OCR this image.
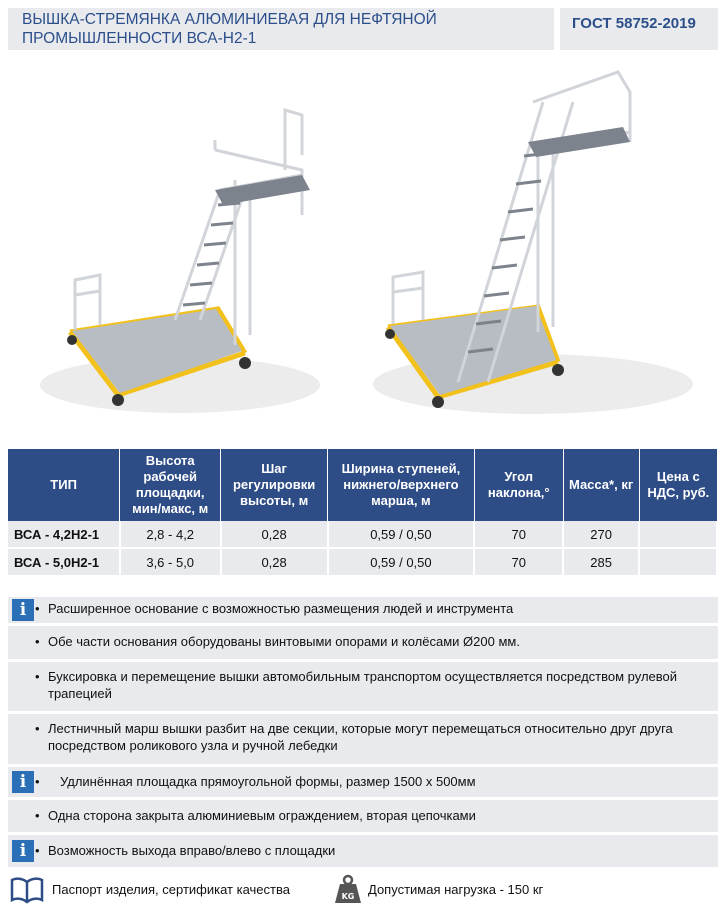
ВЫШКА-СТРЕМЯНКА АЛЮМИНИЕВАЯ ДЛЯ НЕФТЯНОЙ ПРОМЫШЛЕННОСТИ ВСА-Н2-1
ГОСТ 58752-2019
ТИП	Высота рабочей площадки, мин/макс, м	Шаг регулировки высоты, м	Ширина ступеней, нижнего/верхнего марша, м	Угол наклона,°	Масса*, кг	Цена с НДС, руб.
ВСА - 4,2Н2-1	2,8 - 4,2	0,28	0,59 / 0,50	70	270	
ВСА - 5,0Н2-1	3,6 - 5,0	0,28	0,59 / 0,50	70	285	
i • Расширенное основание с возможностью размещения людей и инструмента
• Обе части основания оборудованы винтовыми опорами и колёсами Ø200 мм.
• Буксировка и перемещение вышки автомобильным транспортом осуществляется посредством рулевой трапецией
• Лестничный марш вышки разбит на две секции, которые могут перемещаться относительно друг друга посредством роликового узла и ручной лебедки
i • Удлинённая площадка прямоугольной формы, размер 1500 х 500мм
• Одна сторона закрыта алюминиевым ограждением, вторая цепочками
i • Возможность выхода вправо/влево с площадки
Паспорт изделия, сертификат качества	KG Допустимая нагрузка - 150 кг
